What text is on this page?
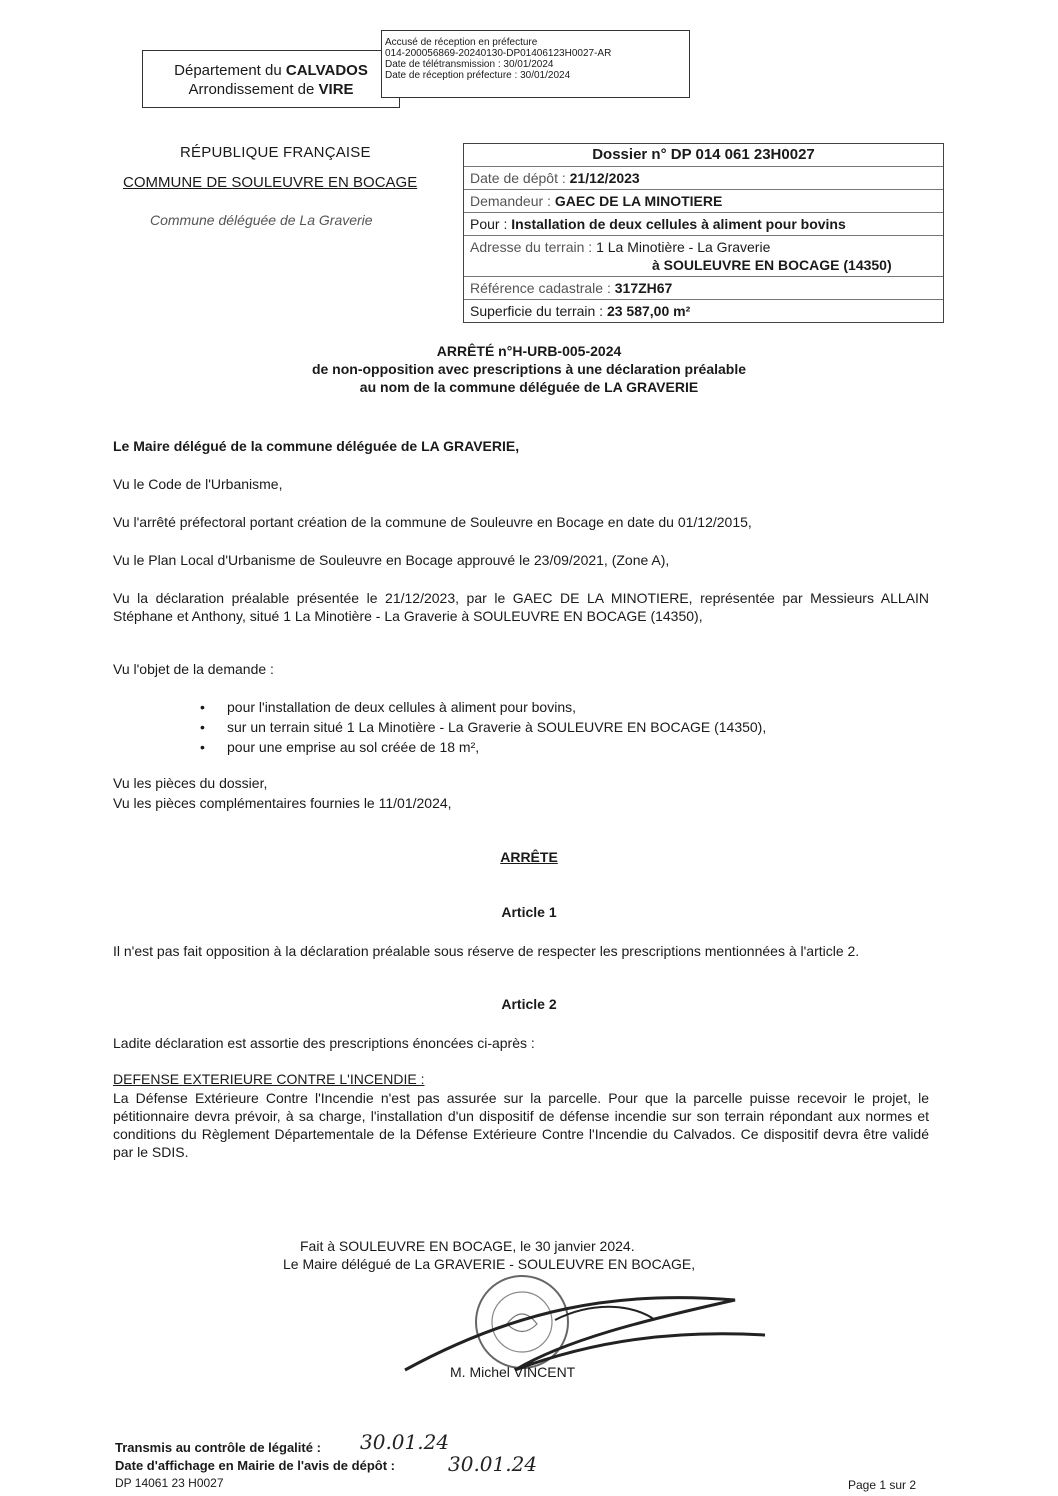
Département du CALVADOS
Arrondissement de VIRE
Accusé de réception en préfecture
014-200056869-20240130-DP01406123H0027-AR
Date de télétransmission : 30/01/2024
Date de réception préfecture : 30/01/2024
RÉPUBLIQUE FRANÇAISE
COMMUNE DE SOULEUVRE EN BOCAGE
Commune déléguée de La Graverie
Dossier n° DP 014 061 23H0027
Date de dépôt : 21/12/2023
Demandeur : GAEC DE LA MINOTIERE
Pour : Installation de deux cellules à aliment pour bovins
Adresse du terrain : 1 La Minotière - La Graverie
à SOULEUVRE EN BOCAGE (14350)
Référence cadastrale : 317ZH67
Superficie du terrain : 23 587,00 m²
ARRÊTÉ n°H-URB-005-2024
de non-opposition avec prescriptions à une déclaration préalable
au nom de la commune déléguée de LA GRAVERIE
Le Maire délégué de la commune déléguée de LA GRAVERIE,
Vu le Code de l'Urbanisme,
Vu l'arrêté préfectoral portant création de la commune de Souleuvre en Bocage en date du 01/12/2015,
Vu le Plan Local d'Urbanisme de Souleuvre en Bocage approuvé le 23/09/2021, (Zone A),
Vu la déclaration préalable présentée le 21/12/2023, par le GAEC DE LA MINOTIERE, représentée par Messieurs ALLAIN Stéphane et Anthony, situé 1 La Minotière - La Graverie à SOULEUVRE EN BOCAGE (14350),
Vu l'objet de la demande :
• pour l'installation de deux cellules à aliment pour bovins,
• sur un terrain situé 1 La Minotière - La Graverie à SOULEUVRE EN BOCAGE (14350),
• pour une emprise au sol créée de 18 m²,
Vu les pièces du dossier,
Vu les pièces complémentaires fournies le 11/01/2024,
ARRÊTE
Article 1
Il n'est pas fait opposition à la déclaration préalable sous réserve de respecter les prescriptions mentionnées à l'article 2.
Article 2
Ladite déclaration est assortie des prescriptions énoncées ci-après :
DEFENSE EXTERIEURE CONTRE L'INCENDIE :
La Défense Extérieure Contre l'Incendie n'est pas assurée sur la parcelle. Pour que la parcelle puisse recevoir le projet, le pétitionnaire devra prévoir, à sa charge, l'installation d'un dispositif de défense incendie sur son terrain répondant aux normes et conditions du Règlement Départementale de la Défense Extérieure Contre l'Incendie du Calvados. Ce dispositif devra être validé par le SDIS.
Fait à SOULEUVRE EN BOCAGE, le 30 janvier 2024.
Le Maire délégué de La GRAVERIE - SOULEUVRE EN BOCAGE,
M. Michel VINCENT
Transmis au contrôle de légalité : 30.01.24
Date d'affichage en Mairie de l'avis de dépôt :	30.01.24
DP 14061 23 H0027	Page 1 sur 2
